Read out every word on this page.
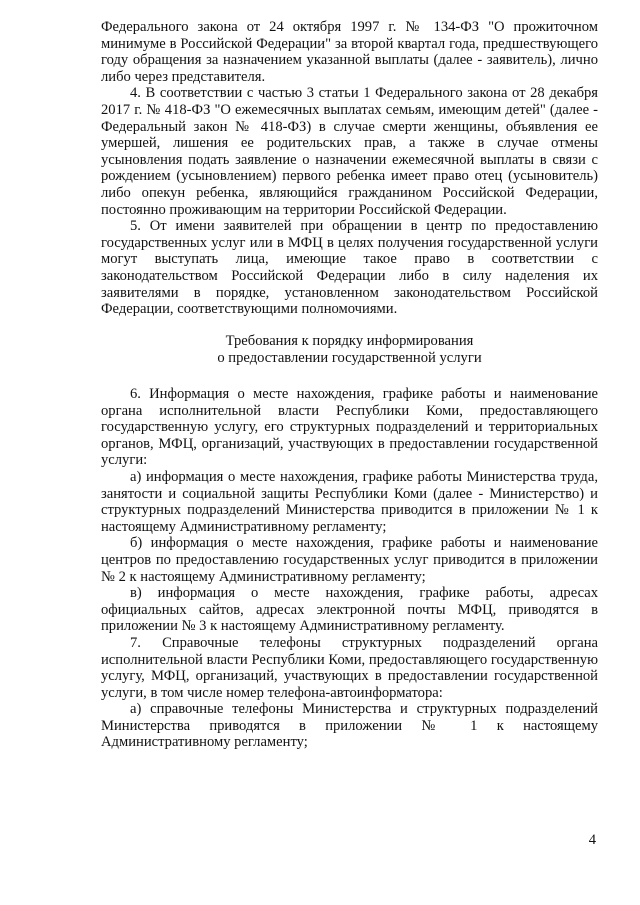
Федерального закона от 24 октября 1997 г. № 134-ФЗ "О прожиточном минимуме в Российской Федерации" за второй квартал года, предшествующего году обращения за назначением указанной выплаты (далее - заявитель), лично либо через представителя.

4. В соответствии с частью 3 статьи 1 Федерального закона от 28 декабря 2017 г. № 418-ФЗ "О ежемесячных выплатах семьям, имеющим детей" (далее - Федеральный закон № 418-ФЗ) в случае смерти женщины, объявления ее умершей, лишения ее родительских прав, а также в случае отмены усыновления подать заявление о назначении ежемесячной выплаты в связи с рождением (усыновлением) первого ребенка имеет право отец (усыновитель) либо опекун ребенка, являющийся гражданином Российской Федерации, постоянно проживающим на территории Российской Федерации.

5. От имени заявителей при обращении в центр по предоставлению государственных услуг или в МФЦ в целях получения государственной услуги могут выступать лица, имеющие такое право в соответствии с законодательством Российской Федерации либо в силу наделения их заявителями в порядке, установленном законодательством Российской Федерации, соответствующими полномочиями.

Требования к порядку информирования

о предоставлении государственной услуги

6. Информация о месте нахождения, графике работы и наименование органа исполнительной власти Республики Коми, предоставляющего государственную услугу, его структурных подразделений и территориальных органов, МФЦ, организаций, участвующих в предоставлении государственной услуги:

а) информация о месте нахождения, графике работы Министерства труда, занятости и социальной защиты Республики Коми (далее - Министерство) и структурных подразделений Министерства приводится в приложении № 1 к настоящему Административному регламенту;

б) информация о месте нахождения, графике работы и наименование центров по предоставлению государственных услуг приводится в приложении № 2 к настоящему Административному регламенту;

в) информация о месте нахождения, графике работы, адресах официальных сайтов, адресах электронной почты МФЦ, приводятся в приложении № 3 к настоящему Административному регламенту.

7. Справочные телефоны структурных подразделений органа исполнительной власти Республики Коми, предоставляющего государственную услугу, МФЦ, организаций, участвующих в предоставлении государственной услуги, в том числе номер телефона-автоинформатора:

а) справочные телефоны Министерства и структурных подразделений Министерства приводятся в приложении № 1 к настоящему Административному регламенту;

4
